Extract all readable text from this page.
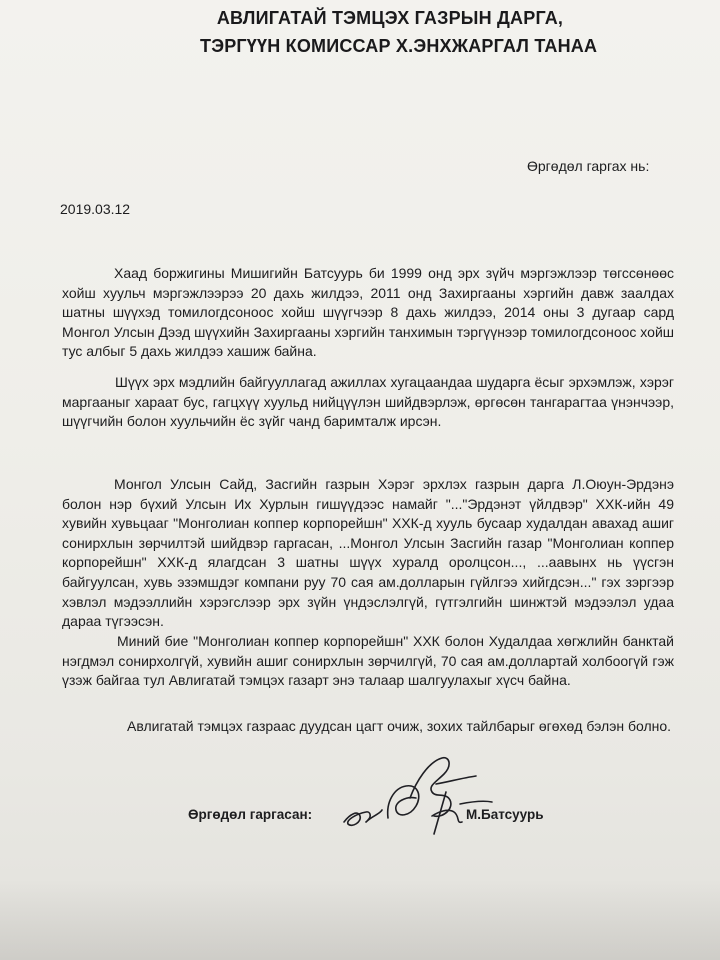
АВЛИГАТАЙ ТЭМЦЭХ ГАЗРЫН ДАРГА,
ТЭРГҮҮН КОМИССАР Х.ЭНХЖАРГАЛ ТАНАА
Өргөдөл гаргах нь:
2019.03.12

Хаад боржигины Мишигийн Батсуурь би 1999 онд эрх зүйч мэргэжлээр төгссөнөөс хойш хуульч мэргэжлээрээ 20 дахь жилдээ, 2011 онд Захиргааны хэргийн давж заалдах шатны шүүхэд томилогдсоноос хойш шүүгчээр 8 дахь жилдээ, 2014 оны 3 дугаар сард Монгол Улсын Дээд шүүхийн Захиргааны хэргийн танхимын тэргүүнээр томилогдсоноос хойш тус албыг 5 дахь жилдээ хашиж байна.

Шүүх эрх мэдлийн байгууллагад ажиллах хугацаандаа шударга ёсыг эрхэмлэж, хэрэг маргааныг хараат бус, гагцхүү хуульд нийцүүлэн шийдвэрлэж, өргөсөн тангарагтаа үнэнчээр, шүүгчийн болон хуульчийн ёс зүйг чанд баримталж ирсэн.

Монгол Улсын Сайд, Засгийн газрын Хэрэг эрхлэх газрын дарга Л.Оюун-Эрдэнэ болон нэр бүхий Улсын Их Хурлын гишүүдээс намайг "..."Эрдэнэт үйлдвэр" ХХК-ийн 49 хувийн хувьцааг "Монголиан коппер корпорейшн" ХХК-д хууль бусаар худалдан авахад ашиг сонирхлын зөрчилтэй шийдвэр гаргасан, ...Монгол Улсын Засгийн газар "Монголиан коппер корпорейшн" ХХК-д ялагдсан 3 шатны шүүх хуралд оролцсон..., ...аавынх нь үүсгэн байгуулсан, хувь эзэмшдэг компани руу 70 сая ам.долларын гүйлгээ хийгдсэн..." гэх зэргээр хэвлэл мэдээллийн хэрэгслээр эрх зүйн үндэслэлгүй, гүтгэлгийн шинжтэй мэдээлэл удаа дараа түгээсэн.

Миний бие "Монголиан коппер корпорейшн" ХХК болон Худалдаа хөгжлийн банктай нэгдмэл сонирхолгүй, хувийн ашиг сонирхлын зөрчилгүй, 70 сая ам.доллартай холбоогүй гэж үзэж байгаа тул Авлигатай тэмцэх газарт энэ талаар шалгуулахыг хүсч байна.

Авлигатай тэмцэх газраас дуудсан цагт очиж, зохих тайлбарыг өгөхөд бэлэн болно.

Өргөдөл гаргасан:	М.Батсуурь
